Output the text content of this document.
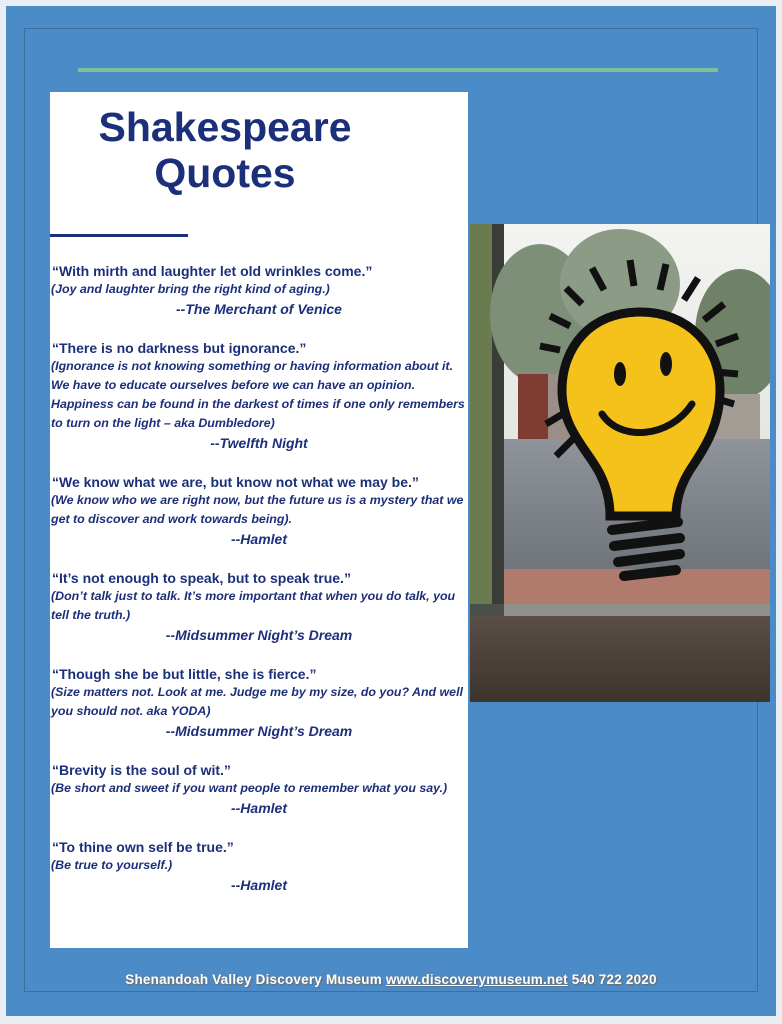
Shakespeare
Quotes
“With mirth and laughter let old wrinkles come.”
(Joy and laughter bring the right kind of aging.)
--The Merchant of Venice
“There is no darkness but ignorance.”
(Ignorance is not knowing something or having information about it. We have to educate ourselves before we can have an opinion. Happiness can be found in the darkest of times if one only remembers to turn on the light – aka Dumbledore)
--Twelfth Night
“We know what we are, but know not what we may be.”
(We know who we are right now, but the future us is a mystery that we get to discover and work towards being).
--Hamlet
“It’s not enough to speak, but to speak true.”
(Don’t talk just to talk. It’s more important that when you do talk, you tell the truth.)
--Midsummer Night’s Dream
“Though she be but little, she is fierce.”
(Size matters not. Look at me. Judge me by my size, do you? And well you should not. aka YODA)
--Midsummer Night’s Dream
“Brevity is the soul of wit.”
(Be short and sweet if you want people to remember what you say.)
--Hamlet
“To thine own self be true.”
(Be true to yourself.)
--Hamlet
Shenandoah Valley Discovery Museum www.discoverymuseum.net 540 722 2020
